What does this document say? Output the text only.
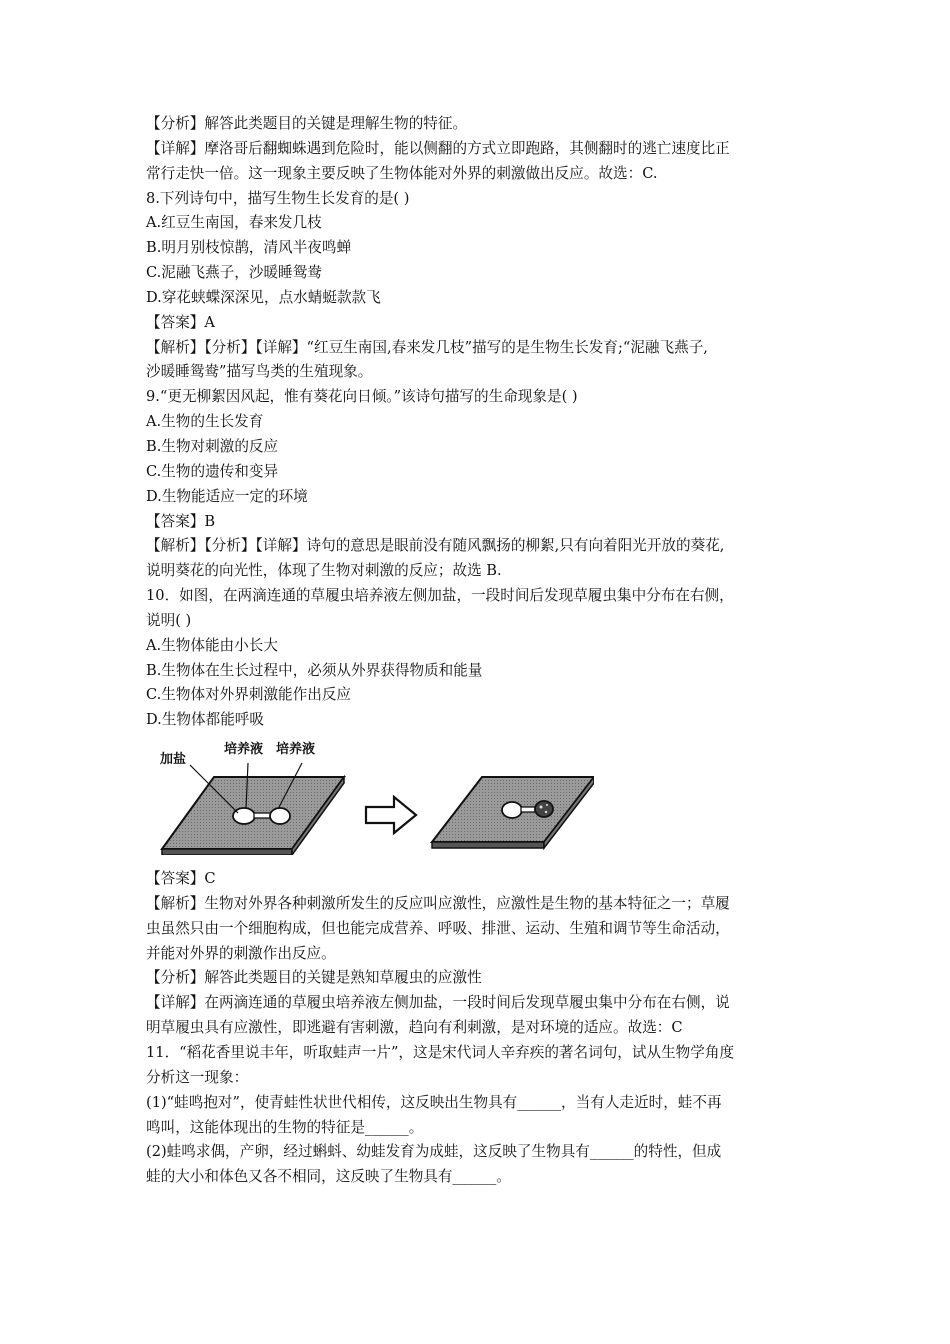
【分析】解答此类题目的关键是理解生物的特征。
【详解】摩洛哥后翻蜘蛛遇到危险时，能以侧翻的方式立即跑路，其侧翻时的逃亡速度比正
常行走快一倍。这一现象主要反映了生物体能对外界的刺激做出反应。故选：C.
8.下列诗句中，描写生物生长发育的是( )
A.红豆生南国，春来发几枝
B.明月别枝惊鹊，清风半夜鸣蝉
C.泥融飞燕子，沙暖睡鸳鸯
D.穿花蛱蝶深深见，点水蜻蜓款款飞
【答案】A
【解析】【分析】【详解】“红豆生南国,春来发几枝”描写的是生物生长发育;“泥融飞燕子,
沙暖睡鸳鸯”描写鸟类的生殖现象。
9.“更无柳絮因风起，惟有葵花向日倾。”该诗句描写的生命现象是( )
A.生物的生长发育
B.生物对刺激的反应
C.生物的遗传和变异
D.生物能适应一定的环境
【答案】B
【解析】【分析】【详解】诗句的意思是眼前没有随风飘扬的柳絮,只有向着阳光开放的葵花,
说明葵花的向光性，体现了生物对刺激的反应；故选 B.
10．如图，在两滴连通的草履虫培养液左侧加盐，一段时间后发现草履虫集中分布在右侧，
说明( )
A.生物体能由小长大
B.生物体在生长过程中，必须从外界获得物质和能量
C.生物体对外界刺激能作出反应
D.生物体都能呼吸
加盐
培养液 培养液
【答案】C
【解析】生物对外界各种刺激所发生的反应叫应激性，应激性是生物的基本特征之一；草履
虫虽然只由一个细胞构成，但也能完成营养、呼吸、排泄、运动、生殖和调节等生命活动，
并能对外界的刺激作出反应。
【分析】解答此类题目的关键是熟知草履虫的应激性
【详解】在两滴连通的草履虫培养液左侧加盐，一段时间后发现草履虫集中分布在右侧，说
明草履虫具有应激性，即逃避有害刺激，趋向有利刺激，是对环境的适应。故选：C
11．“稻花香里说丰年，听取蛙声一片”，这是宋代词人辛弃疾的著名词句，试从生物学角度
分析这一现象：
(1)“蛙鸣抱对”，使青蛙性状世代相传，这反映出生物具有______，当有人走近时，蛙不再
鸣叫，这能体现出的生物的特征是______。
(2)蛙鸣求偶，产卵，经过蝌蚪、幼蛙发育为成蛙，这反映了生物具有______的特性，但成
蛙的大小和体色又各不相同，这反映了生物具有______。
